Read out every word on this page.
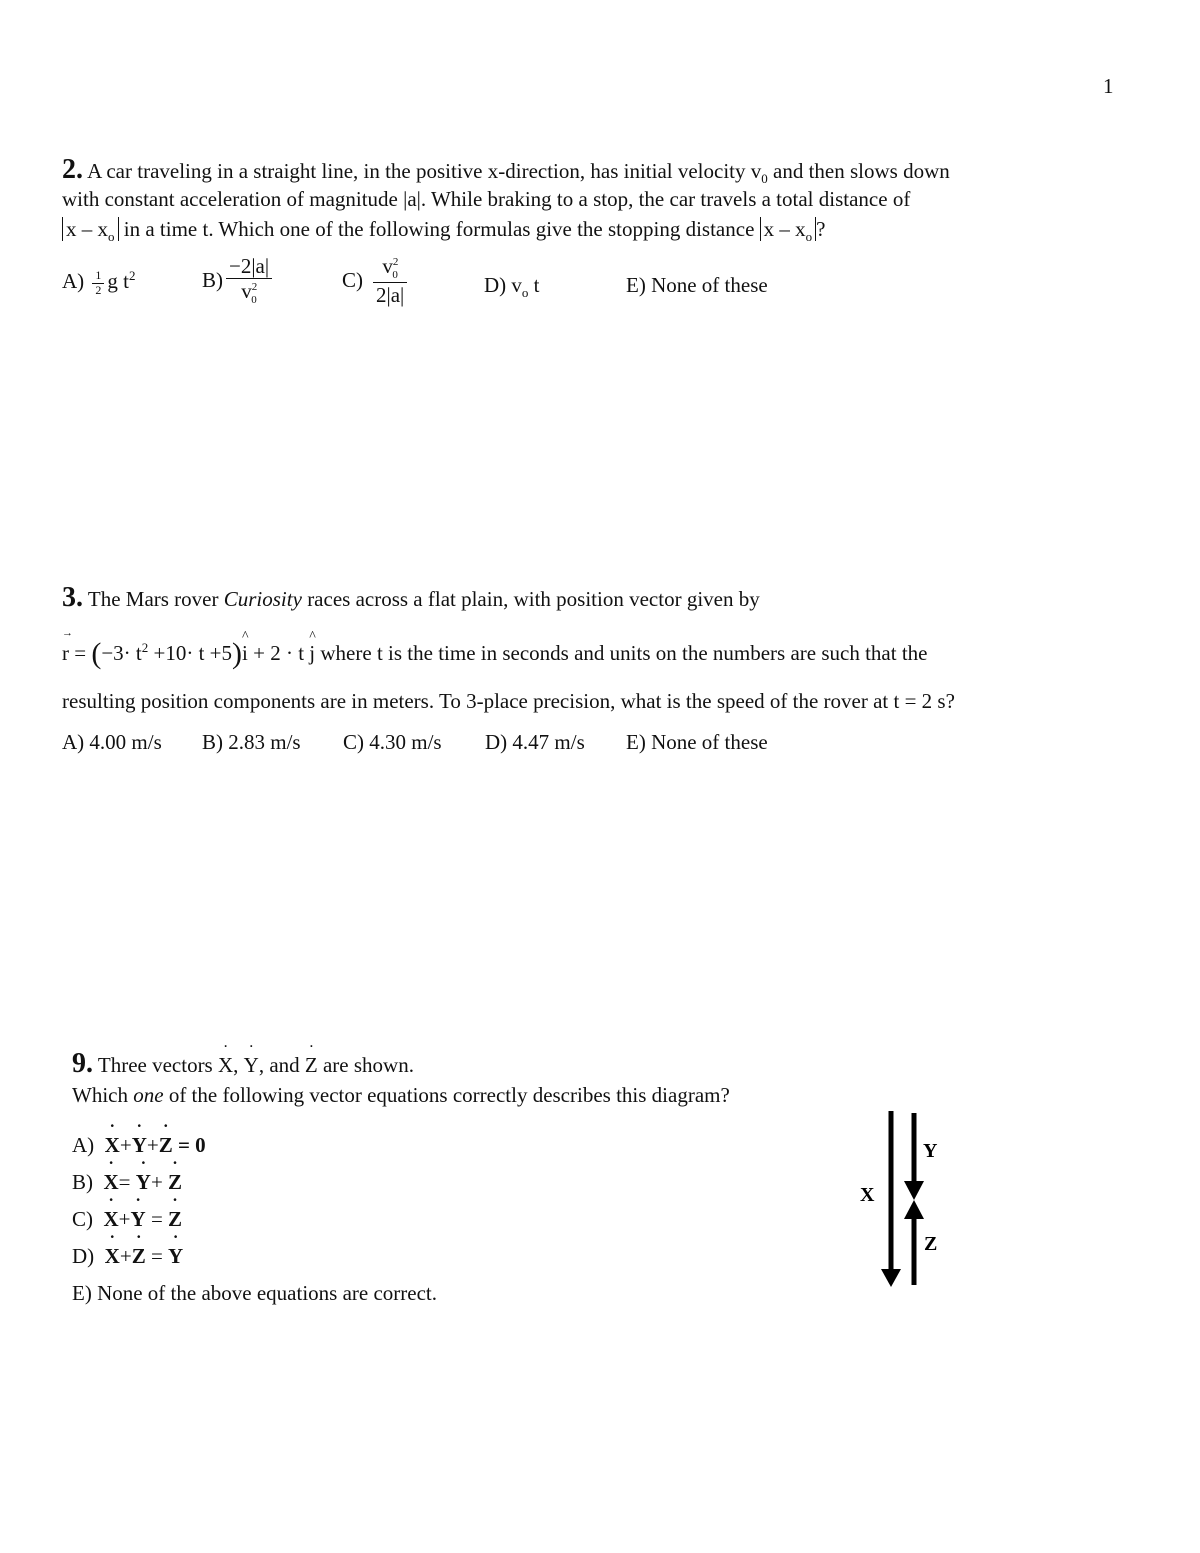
1
2. A car traveling in a straight line, in the positive x-direction, has initial velocity $v_0$ and then slows down
with constant acceleration of magnitude |a|. While braking to a stop, the car travels a total distance of
x – $x_o$ in a time t. Which one of the following formulas give the stopping distance x – $x_o$ ?
$A) \frac{1}{2}$ g $t^2$	$B) \frac{-2|a|}{v^2_0}$	$C) \frac{v^2_0}{2|a|}$	D) $v_o$ t	E) None of these
3. The Mars rover Curiosity races across a flat plain, with position vector given by
→ $r = (-3\cdot t^2 +10\cdot t$ +5)^ i + 2 · t ^ j where t is the time in seconds and units on the numbers are such that the
resulting position components are in meters. To 3-place precision, what is the speed of the rover at t = 2 s?
A) 4.00 m/s B) 2.83 m/s C) 4.30 m/s D) 4.47 m/s E) None of these
9. Three vectors ˙ X, ˙ Y, and ˙ Z are shown.
Which one of the following vector equations correctly describes this diagram?
A) ˙ X+˙ Y+˙ Z = 0
B) ˙ X= ˙ Y+ ˙ Z
C) ˙ X+˙ Y = ˙ Z
D) ˙ X+˙ Z = ˙ Y
E) None of the above equations are correct.
X
Y
Z
